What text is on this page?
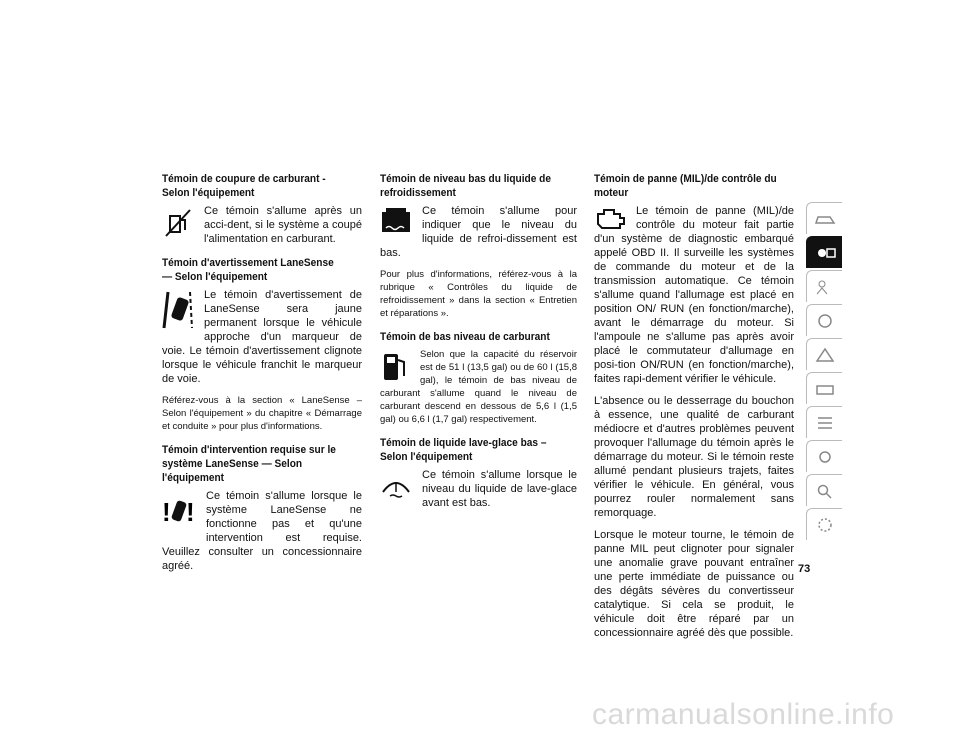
Témoin de coupure de carburant - Selon l'équipement

Ce témoin s'allume après un acci-dent, si le système a coupé l'alimentation en carburant.

Témoin d'avertissement LaneSense — Selon l'équipement

Le témoin d'avertissement de LaneSense sera jaune permanent lorsque le véhicule approche d'un marqueur de voie. Le témoin d'avertissement clignote lorsque le véhicule franchit le marqueur de voie.

Référez-vous à la section « LaneSense – Selon l'équipement » du chapitre « Démarrage et conduite » pour plus d'informations.

Témoin d'intervention requise sur le système LaneSense — Selon l'équipement
! !

Ce témoin s'allume lorsque le système LaneSense ne fonctionne pas et qu'une intervention est requise. Veuillez consulter un concessionnaire agréé.

Témoin de niveau bas du liquide de refroidissement

Ce témoin s'allume pour indiquer que le niveau du liquide de refroi-dissement est bas.

Pour plus d'informations, référez-vous à la rubrique « Contrôles du liquide de refroidissement » dans la section « Entretien et réparations ».

Témoin de bas niveau de carburant

Selon que la capacité du réservoir est de 51 l (13,5 gal) ou de 60 l (15,8 gal), le témoin de bas niveau de carburant s'allume quand le niveau de carburant descend en dessous de 5,6 l (1,5 gal) ou 6,6 l (1,7 gal) respectivement.

Témoin de liquide lave-glace bas – Selon l'équipement

Ce témoin s'allume lorsque le niveau du liquide de lave-glace avant est bas.

Témoin de panne (MIL)/de contrôle du moteur

Le témoin de panne (MIL)/de contrôle du moteur fait partie d'un système de diagnostic embarqué appelé OBD II. Il surveille les systèmes de commande du moteur et de la transmission automatique. Ce témoin s'allume quand l'allumage est placé en position ON/ RUN (en fonction/marche), avant le démarrage du moteur. Si l'ampoule ne s'allume pas après avoir placé le commutateur d'allumage en posi-tion ON/RUN (en fonction/marche), faites rapi-dement vérifier le véhicule.

L'absence ou le desserrage du bouchon à essence, une qualité de carburant médiocre et d'autres problèmes peuvent provoquer l'allumage du témoin après le démarrage du moteur. Si le témoin reste allumé pendant plusieurs trajets, faites vérifier le véhicule. En général, vous pourrez rouler normalement sans remorquage.

Lorsque le moteur tourne, le témoin de panne MIL peut clignoter pour signaler une anomalie grave pouvant entraîner une perte immédiate de puissance ou des dégâts sévères du convertisseur catalytique. Si cela se produit, le véhicule doit être réparé par un concessionnaire agréé dès que possible.

73
carmanualsonline.info
